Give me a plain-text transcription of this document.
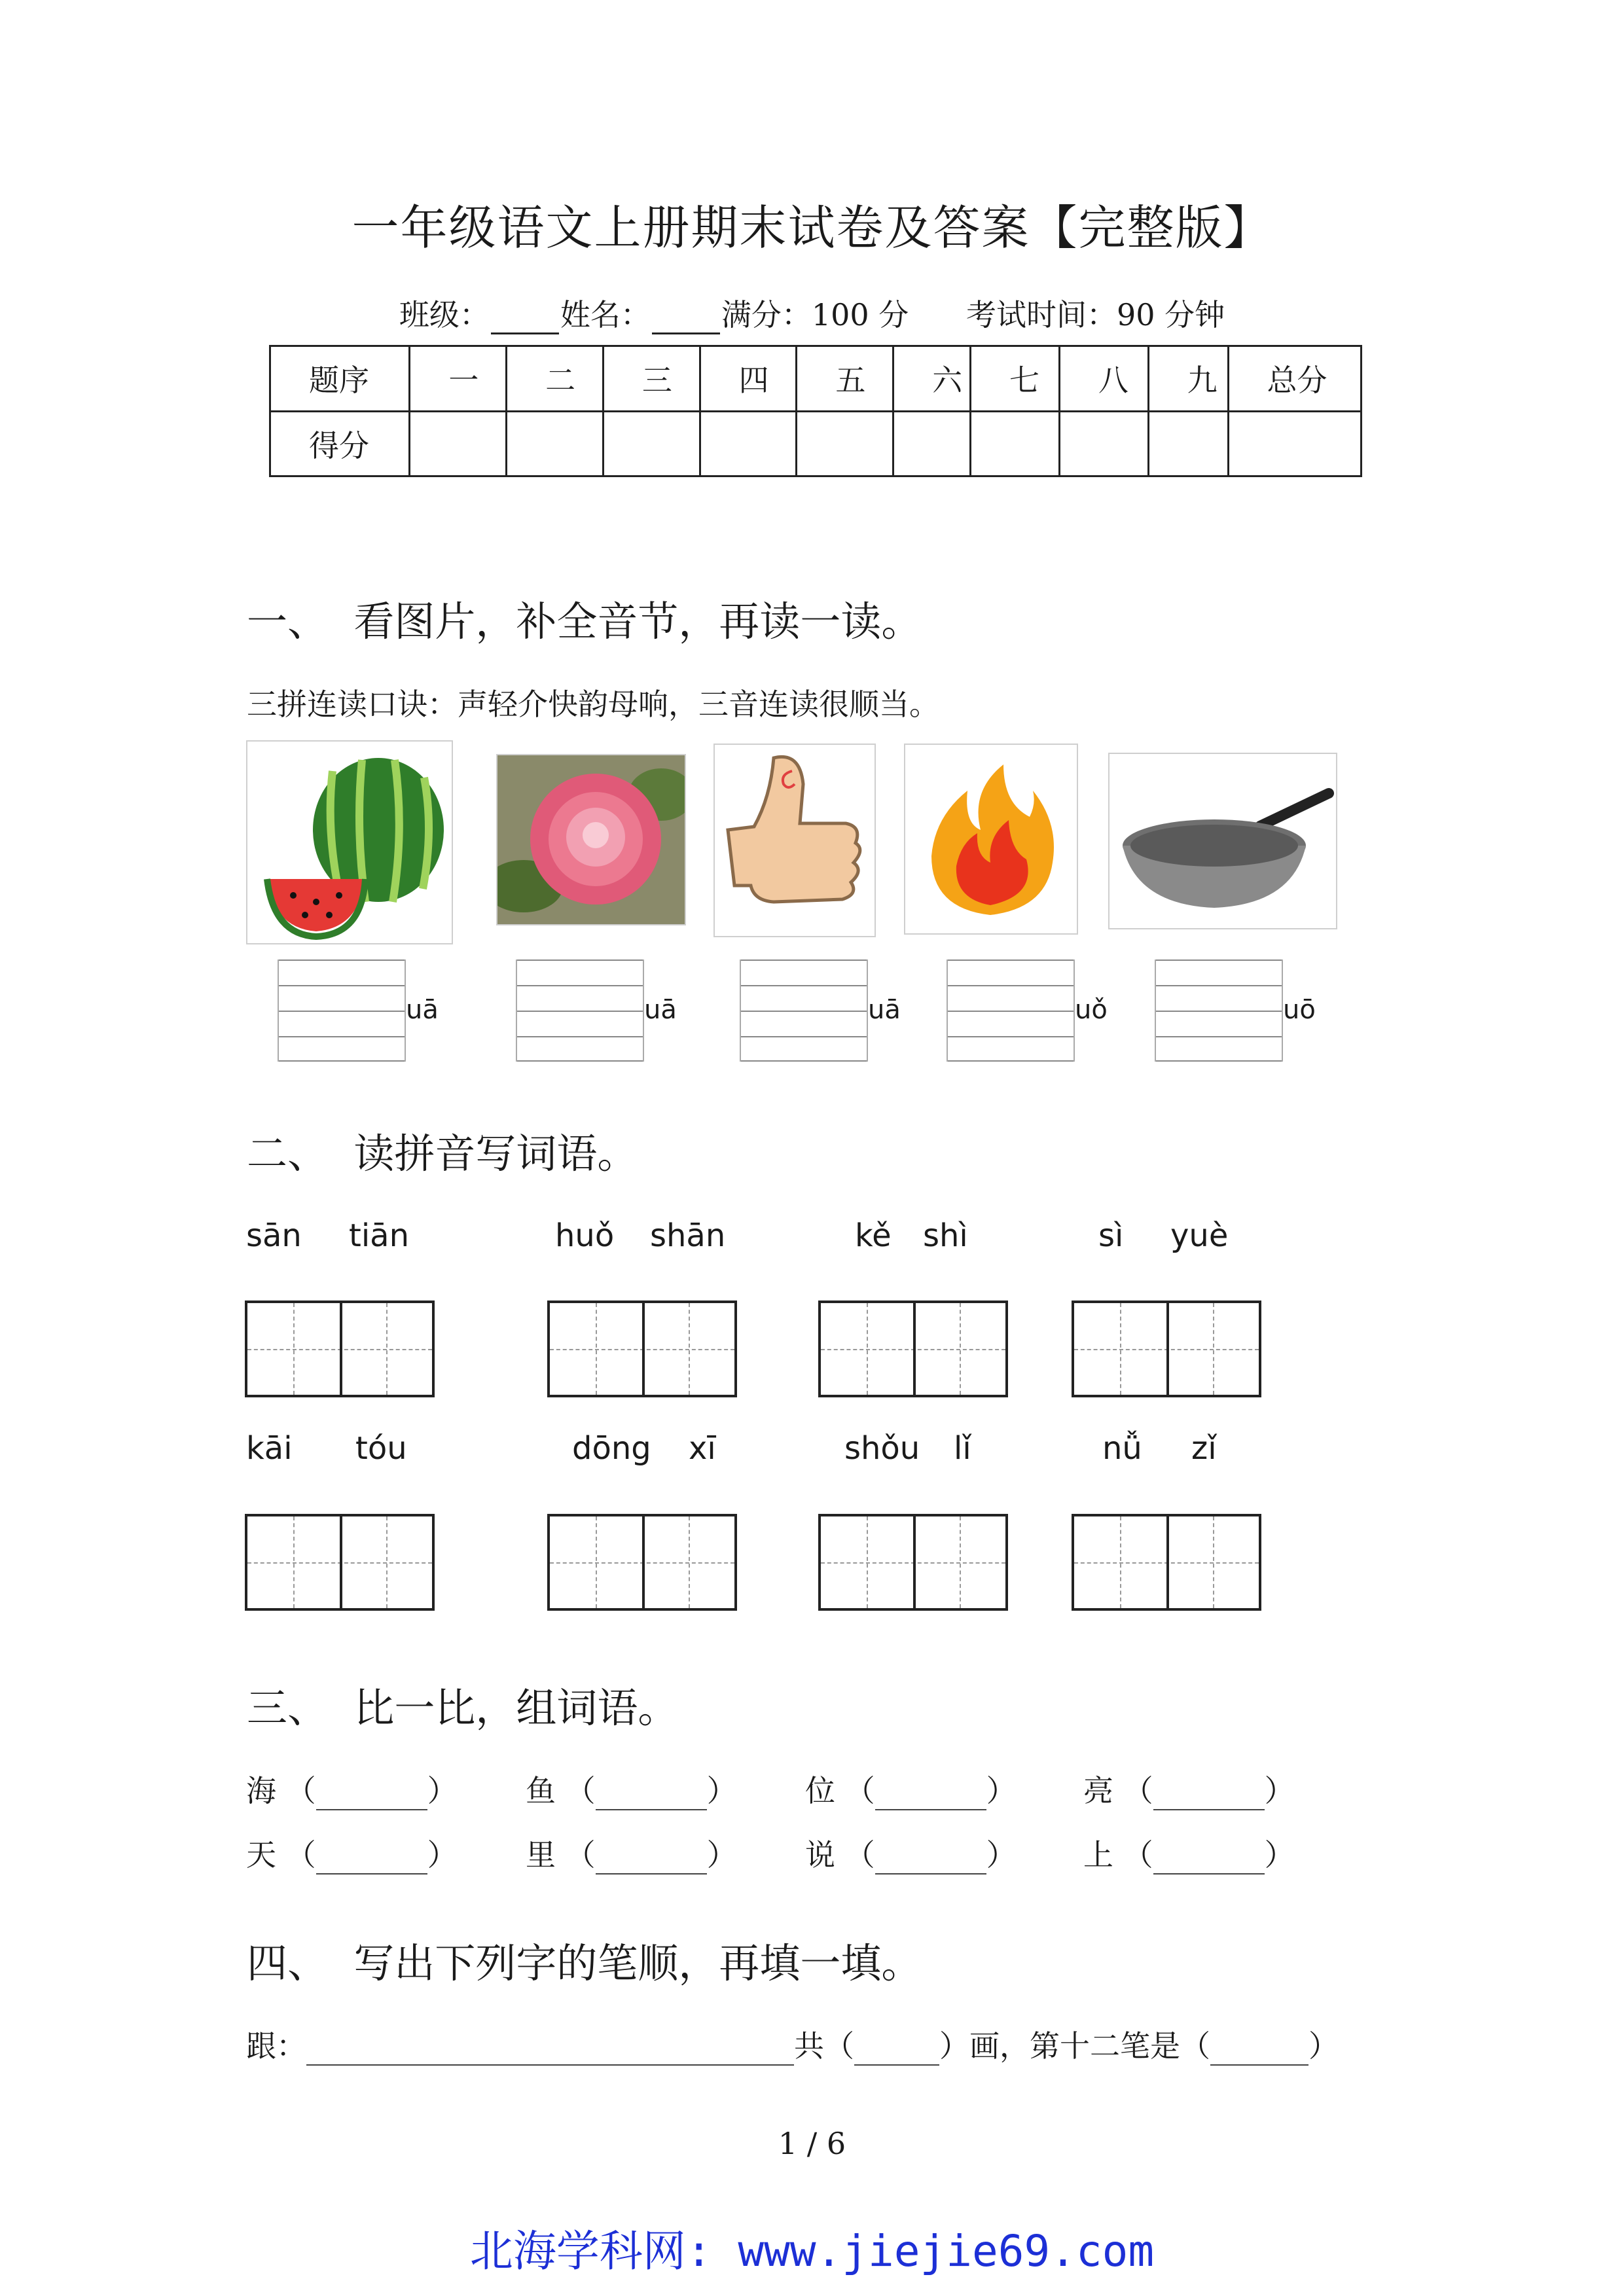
一年级语文上册期末试卷及答案【完整版】
班级： 姓名： 满分：100 分 考试时间：90 分钟
题序	一	二	三	四	五	六	七	八	九	总分
得分										
一、  看图片，补全音节，再读一读。
三拼连读口诀：声轻介快韵母响，三音连读很顺当。
uā	uā	uā	uǒ	uō
二、  读拼音写词语。
sān tiān	huǒ shān	kě shì	sì yuè
kāi tóu	dōng xī	shǒu lǐ	nǚ zǐ
三、  比一比，组词语。
海 （	） 鱼 （	） 位 （	） 亮 （	）
天 （	） 里 （	） 说 （	） 上 （	）
四、  写出下列字的笔顺，再填一填。
跟：	共（	）画，第十二笔是（	）
1 / 6
北海学科网: www.jiejie69.com
